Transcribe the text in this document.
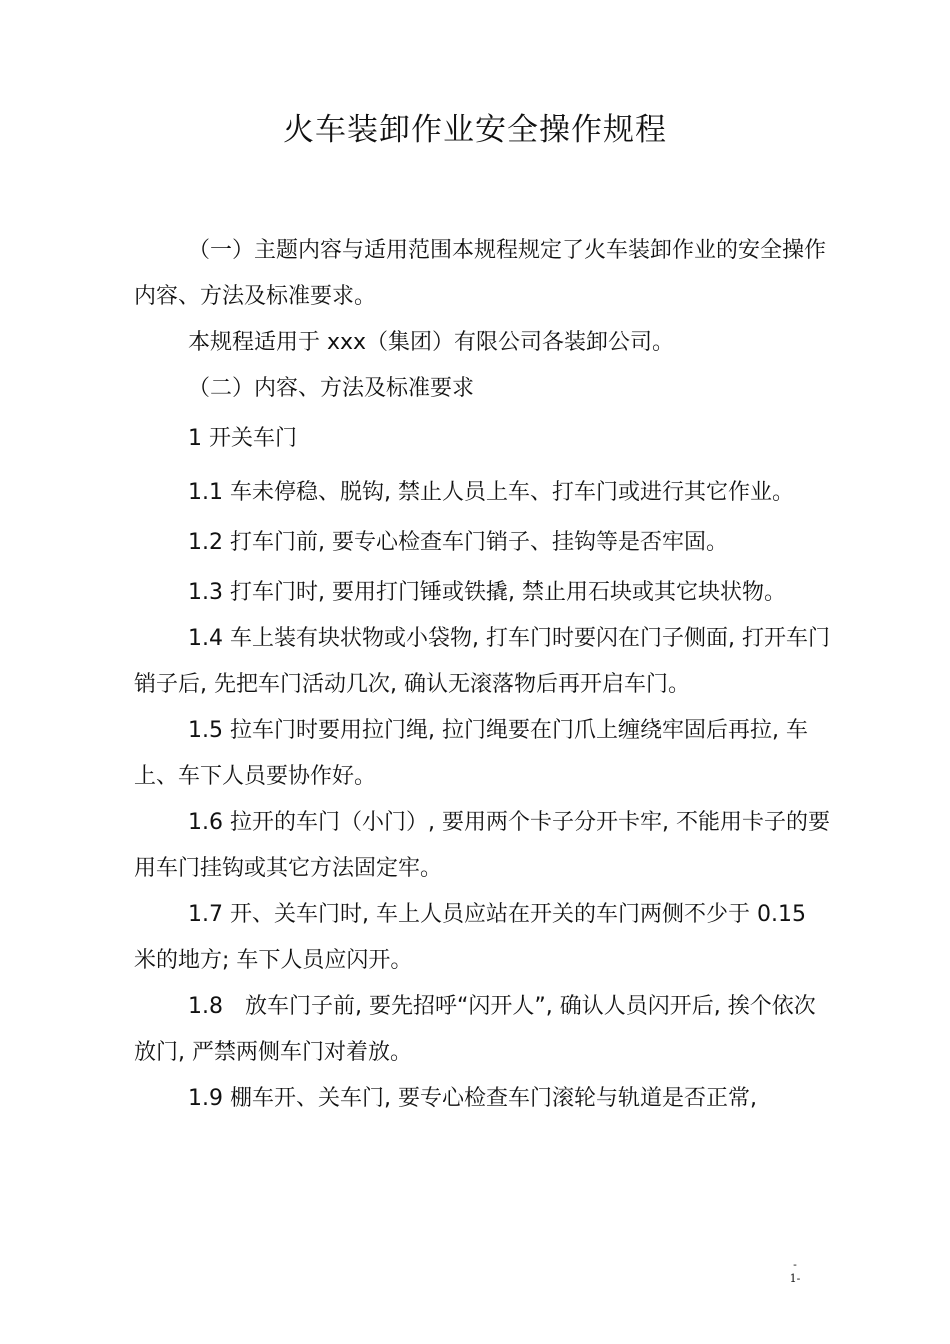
火车装卸作业安全操作规程

（一）主题内容与适用范围本规程规定了火车装卸作业的安全操作内容、方法及标准要求。

本规程适用于 xxx（集团）有限公司各装卸公司。

（二）内容、方法及标准要求

1 开关车门

1.1 车未停稳、脱钩, 禁止人员上车、打车门或进行其它作业。

1.2 打车门前, 要专心检查车门销子、挂钩等是否牢固。

1.3 打车门时, 要用打门锤或铁撬, 禁止用石块或其它块状物。

1.4 车上装有块状物或小袋物, 打车门时要闪在门子侧面, 打开车门销子后, 先把车门活动几次, 确认无滚落物后再开启车门。

1.5 拉车门时要用拉门绳, 拉门绳要在门爪上缠绕牢固后再拉, 车上、车下人员要协作好。

1.6 拉开的车门（小门）, 要用两个卡子分开卡牢, 不能用卡子的要用车门挂钩或其它方法固定牢。

1.7 开、关车门时, 车上人员应站在开关的车门两侧不少于 0.15 米的地方; 车下人员应闪开。

1.8　放车门子前, 要先招呼“闪开人”, 确认人员闪开后, 挨个依次放门, 严禁两侧车门对着放。

1.9 棚车开、关车门, 要专心检查车门滚轮与轨道是否正常,

-
1-
